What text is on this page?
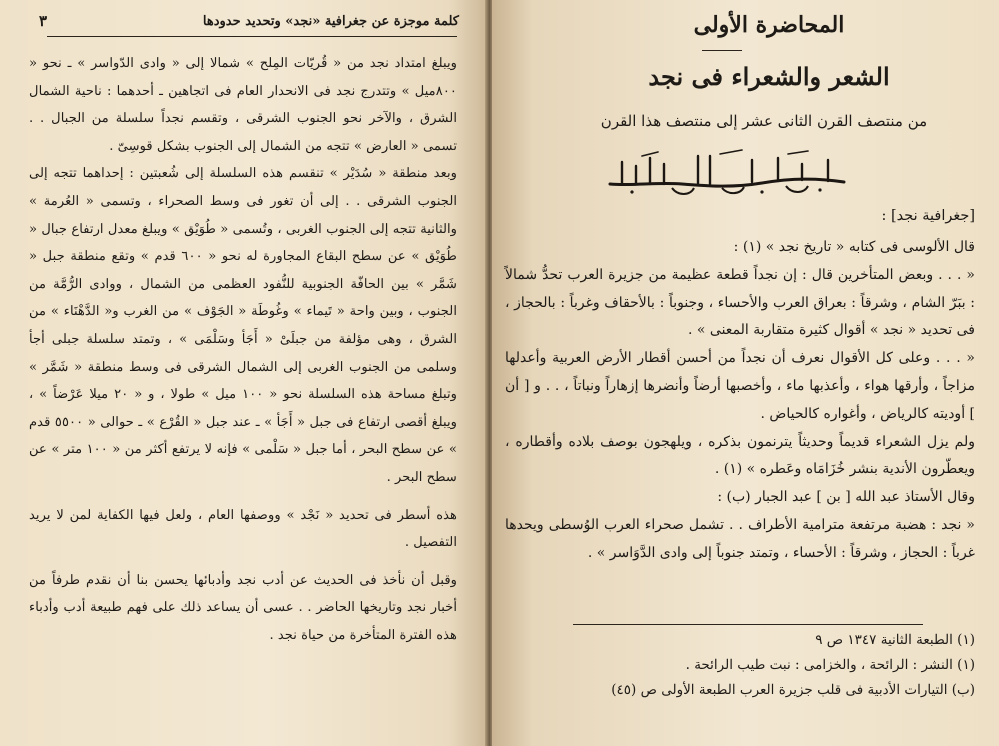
كلمة موجزة عن جغرافية «نجد» وتحديد حدودها
٣

ويبلغ امتداد نجد من « قُريّات المِلح » شمالا إلى « وادى الدّواسر » ـ نحو « ٨٠٠ميل » وتتدرج نجد فى الانحدار العام فى اتجاهين ـ أحدهما : ناحية الشمال الشرق ، والآخر نحو الجنوب الشرقى ، وتقسم نجداً سلسلة من الجبال . . تسمى « العارض » تتجه من الشمال إلى الجنوب بشكل قوسِىّ .

وبعد منطقة « سُدَيْر » تنقسم هذه السلسلة إلى شُعبتين : إحداهما تتجه إلى الجنوب الشرقى . . إلى أن تغور فى وسط الصحراء ، وتسمى « العُرمة » والثانية تتجه إلى الجنوب الغربى ، وتُسمى « طُوَيْق » ويبلغ معدل ارتفاع جبال « طُوَيْق » عن سطح البقاع المجاورة له نحو « ٦٠٠ قدم » وتقع منطقة جبل « شَمَّر » بين الحافّة الجنوبية للنُّفود العظمى من الشمال ، ووادى الرُّمَّة من الجنوب ، وبين واحة « تَيماء » وغُوطَة « الجَوْف » من الغرب و« الدَّهْنَاء » من الشرق ، وهى مؤلفة من جبلَىْ « أَجَأ وسَلْمَى » ، وتمتد سلسلة جبلى أجأ وسلمى من الجنوب الغربى إلى الشمال الشرقى فى وسط منطقة « شَمَّر » وتبلغ مساحة هذه السلسلة نحو « ١٠٠ ميل » طولا ، و « ٢٠ ميلا عَرْضاً » ، ويبلغ أقصى ارتفاع فى جبل « أَجَأ » ـ عند جبل « القُرْع » ـ حوالى « ٥٥٠٠ قدم » عن سطح البحر ، أما جبل « سَلْمى » فإنه لا يرتفع أكثر من « ١٠٠ متر » عن سطح البحر .

هذه أسطر فى تحديد « نَجْد » ووصفها العام ، ولعل فيها الكفاية لمن لا يريد التفصيل .

وقبل أن نأخذ فى الحديث عن أدب نجد وأدبائها يحسن بنا أن نقدم طرفاً من أخبار نجد وتاريخها الحاضر . . عسى أن يساعد ذلك على فهم طبيعة أدب وأدباء هذه الفترة المتأخرة من حياة نجد .

المحاضرة الأولى
الشعر والشعراء فى نجد
من منتصف القرن الثانى عشر إلى منتصف هذا القرن
[جغرافية نجد] :

قال الألوسى فى كتابه « تاريخ نجد » (١) :

« . . . وبعض المتأخرين قال : إن نجداً قطعة عظيمة من جزيرة العرب تحدُّ شمالاً : ببَرّ الشام ، وشرقاً : بعراق العرب والأحساء ، وجنوباً : بالأحقاف وغرباً : بالحجاز ، فى تحديد « نجد » أقوال كثيرة متقاربة المعنى » .

« . . . وعلى كل الأقوال نعرف أن نجداً من أحسن أقطار الأرض العربية وأعدلها مزاجاً ، وأرقها هواء ، وأعذبها ماء ، وأخصبها أرضاً وأنضرها إزهاراً ونباتاً ، . . و [ أن ] أوديته كالرياض ، وأغواره كالحياض .

ولم يزل الشعراء قديماً وحديثاً يترنمون بذكره ، ويلهجون بوصف بلاده وأقطاره ، ويعطّرون الأندية بنشر خُزَامَاه وعَطره » (١) .

وقال الأستاذ عبد الله [ بن ] عبد الجبار (ب) :

« نجد : هضبة مرتفعة مترامية الأطراف . . تشمل صحراء العرب الوُسطى ويحدها غرباً : الحجاز ، وشرقاً : الأحساء ، وتمتد جنوباً إلى وادى الدَّوَاسر » .

(١) الطبعة الثانية ١٣٤٧ ص ٩
(١) النشر : الرائحة ، والخزامى : نبت طيب الرائحة .
(ب) التيارات الأدبية فى قلب جزيرة العرب الطبعة الأولى ص (٤٥)
